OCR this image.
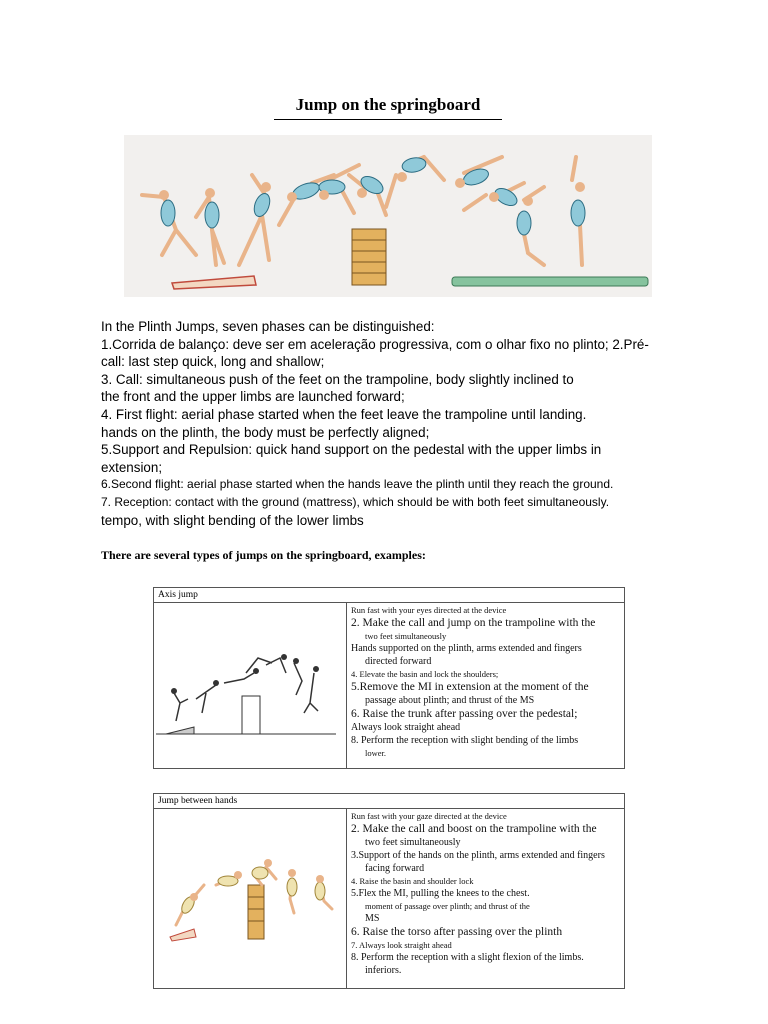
Jump on the springboard

In the Plinth Jumps, seven phases can be distinguished:

1.Corrida de balanço: deve ser em aceleração progressiva, com o olhar fixo no plinto; 2.Pré-

call: last step quick, long and shallow;

3. Call: simultaneous push of the feet on the trampoline, body slightly inclined to

the front and the upper limbs are launched forward;

4. First flight: aerial phase started when the feet leave the trampoline until landing.

hands on the plinth, the body must be perfectly aligned;

5.Support and Repulsion: quick hand support on the pedestal with the upper limbs in

extension;

6.Second flight: aerial phase started when the hands leave the plinth until they reach the ground.

7. Reception: contact with the ground (mattress), which should be with both feet simultaneously.

tempo, with slight bending of the lower limbs

There are several types of jumps on the springboard, examples:
Axis jump
Run fast with your eyes directed at the device
2. Make the call and jump on the trampoline with the
two feet simultaneously
Hands supported on the plinth, arms extended and fingers
directed forward
4. Elevate the basin and lock the shoulders;
5.Remove the MI in extension at the moment of the
passage about plinth; and thrust of the MS
6. Raise the trunk after passing over the pedestal;
Always look straight ahead
8. Perform the reception with slight bending of the limbs
lower.
Jump between hands
Run fast with your gaze directed at the device
2. Make the call and boost on the trampoline with the
two feet simultaneously
3.Support of the hands on the plinth, arms extended and fingers
facing forward
4. Raise the basin and shoulder lock
5.Flex the MI, pulling the knees to the chest.
moment of passage over plinth; and thrust of the
MS
6. Raise the torso after passing over the plinth
7. Always look straight ahead
8. Perform the reception with a slight flexion of the limbs.
inferiors.
